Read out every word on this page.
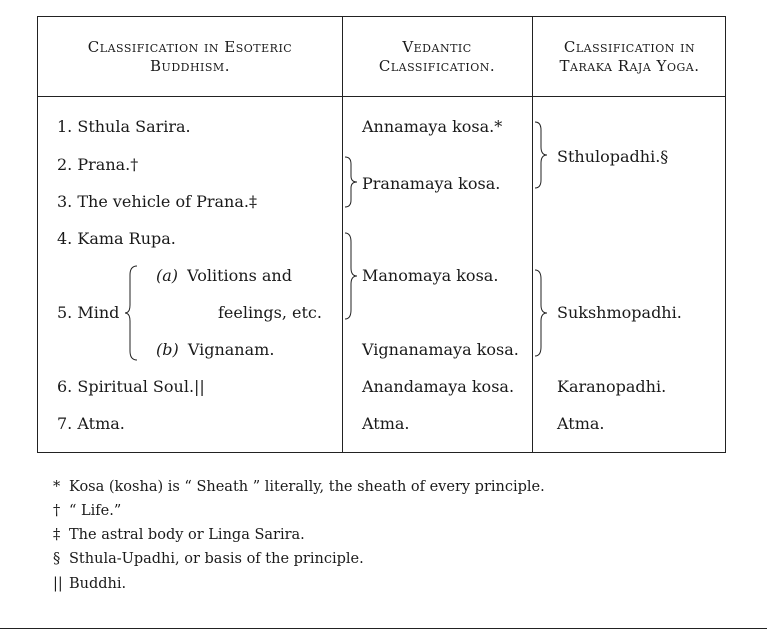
Classification in Esoteric
Buddhism.
Vedantic
Classification.
Classification in
Taraka Raja Yoga.
1. Sthula Sarira.
2. Prana.†
3. The vehicle of Prana.‡
4. Kama Rupa.
5. Mind
(a) Volitions and
feelings, etc.
(b) Vignanam.
6. Spiritual Soul.||
7. Atma.
Annamaya kosa.*
Pranamaya kosa.
Manomaya kosa.
Vignanamaya kosa.
Anandamaya kosa.
Atma.
Sthulopadhi.§
Sukshmopadhi.
Karanopadhi.
Atma.
* Kosa (kosha) is “ Sheath ” literally, the sheath of every principle.
† “ Life.”
‡ The astral body or Linga Sarira.
§ Sthula-Upadhi, or basis of the principle.
|| Buddhi.
